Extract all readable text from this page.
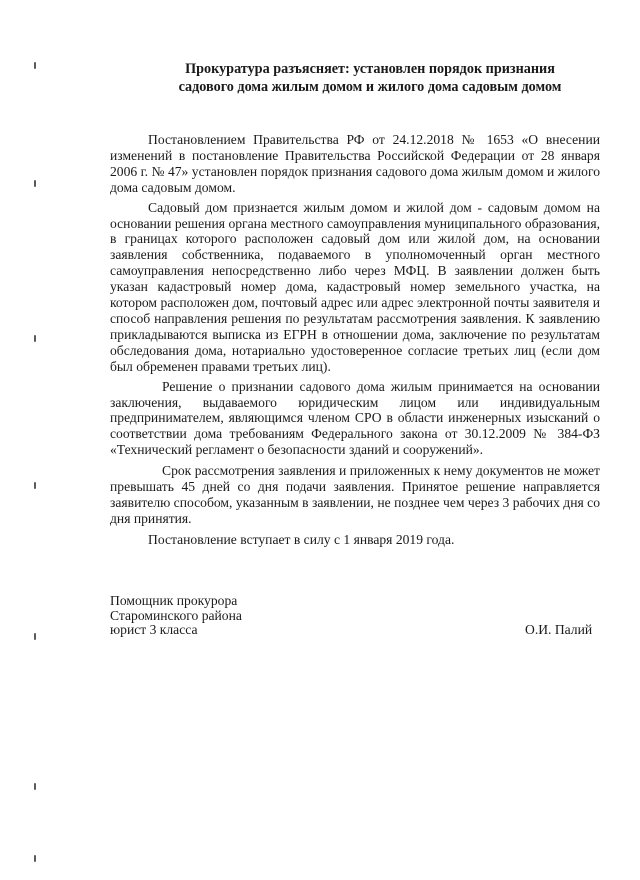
Прокуратура разъясняет: установлен порядок признания
садового дома жилым домом и жилого дома садовым домом

Постановлением Правительства РФ от 24.12.2018 № 1653 «О внесении изменений в постановление Правительства Российской Федерации от 28 января 2006 г. № 47» установлен порядок признания садового дома жилым домом и жилого дома садовым домом.

Садовый дом признается жилым домом и жилой дом - садовым домом на основании решения органа местного самоуправления муниципального образования, в границах которого расположен садовый дом или жилой дом, на основании заявления собственника, подаваемого в уполномоченный орган местного самоуправления непосредственно либо через МФЦ. В заявлении должен быть указан кадастровый номер дома, кадастровый номер земельного участка, на котором расположен дом, почтовый адрес или адрес электронной почты заявителя и способ направления решения по результатам рассмотрения заявления. К заявлению прикладываются выписка из ЕГРН в отношении дома, заключение по результатам обследования дома, нотариально удостоверенное согласие третьих лиц (если дом был обременен правами третьих лиц).

Решение о признании садового дома жилым принимается на основании заключения, выдаваемого юридическим лицом или индивидуальным предпринимателем, являющимся членом СРО в области инженерных изысканий о соответствии дома требованиям Федерального закона от 30.12.2009 № 384-ФЗ «Технический регламент о безопасности зданий и сооружений».

Срок рассмотрения заявления и приложенных к нему документов не может превышать 45 дней со дня подачи заявления. Принятое решение направляется заявителю способом, указанным в заявлении, не позднее чем через 3 рабочих дня со дня принятия.

Постановление вступает в силу с 1 января 2019 года.

Помощник прокурора
Староминского района
юрист 3 класса	О.И. Палий
